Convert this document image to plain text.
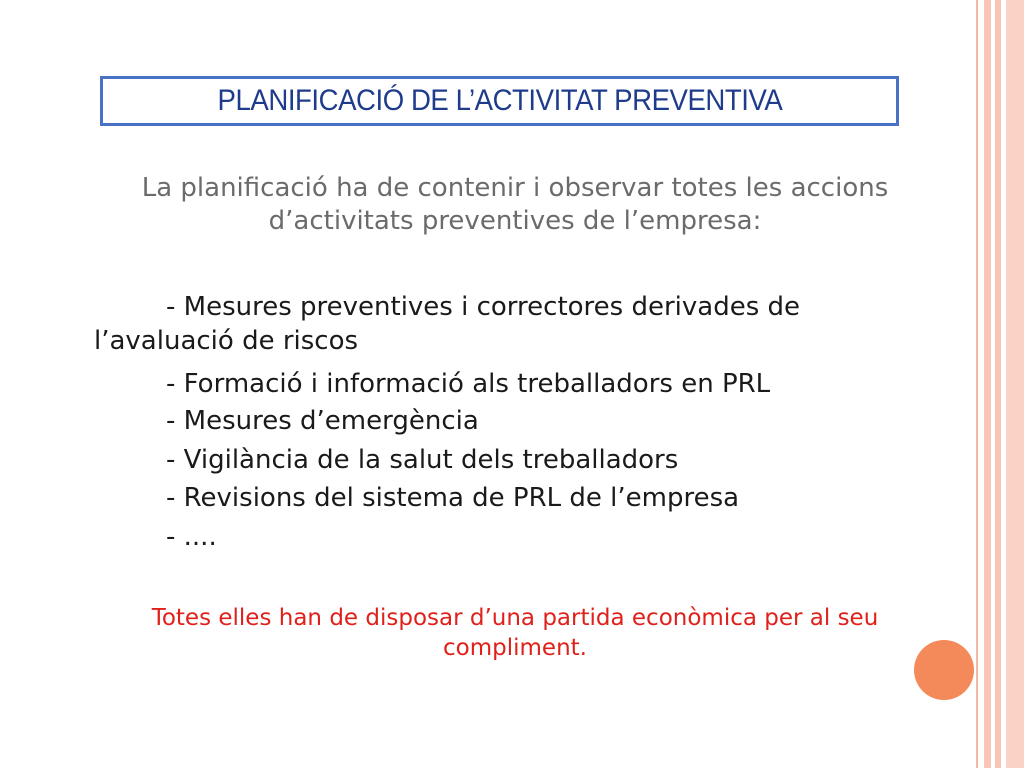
PLANIFICACIÓ DE L’ACTIVITAT PREVENTIVA
La planificació ha de contenir i observar totes les accions
d’activitats preventives de l’empresa:
- Mesures preventives i correctores derivades de
l’avaluació de riscos
- Formació i informació als treballadors en PRL
- Mesures d’emergència
- Vigilància de la salut dels treballadors
- Revisions del sistema de PRL de l’empresa
- ....
Totes elles han de disposar d’una partida econòmica per al seu
compliment.
